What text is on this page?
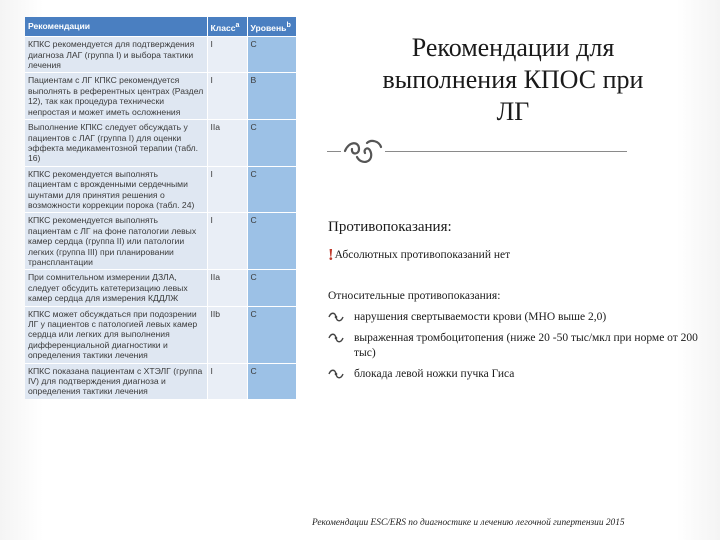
Рекомендации	Класс$^a$	Уровень$^b$
КПКС рекомендуется для подтверждения диагноза ЛАГ (группа I) и выбора тактики лечения	I	C
Пациентам с ЛГ КПКС рекомендуется выполнять в референтных центрах (Раздел 12), так как процедура технически непростая и может иметь осложнения	I	B
Выполнение КПКС следует обсуждать у пациентов с ЛАГ (группа I) для оценки эффекта медикаментозной терапии (табл. 16)	IIa	C
КПКС рекомендуется выполнять пациентам с врожденными сердечными шунтами для принятия решения о возможности коррекции порока (табл. 24)	I	C
КПКС рекомендуется выполнять пациентам с ЛГ на фоне патологии левых камер сердца (группа II) или патологии легких (группа III) при планировании трансплантации	I	C
При сомнительном измерении ДЗЛА, следует обсудить катетеризацию левых камер сердца для измерения КДДЛЖ	IIa	C
КПКС может обсуждаться при подозрении ЛГ у пациентов с патологией левых камер сердца или легких для выполнения дифференциальной диагностики и определения тактики лечения	IIb	C
КПКС показана пациентам с ХТЭЛГ (группа IV) для подтверждения диагноза и определения тактики лечения	I	C
Рекомендации для выполнения КПОС при ЛГ
Противопоказания:
!Абсолютных противопоказаний нет
Относительные противопоказания:
нарушения свертываемости крови (МНО выше 2,0)
выраженная тромбоцитопения (ниже 20 -50 тыс/мкл при норме от 200 тыс)
блокада левой ножки пучка Гиса
Рекомендации ESC/ERS по диагностике и лечению легочной гипертензии 2015
